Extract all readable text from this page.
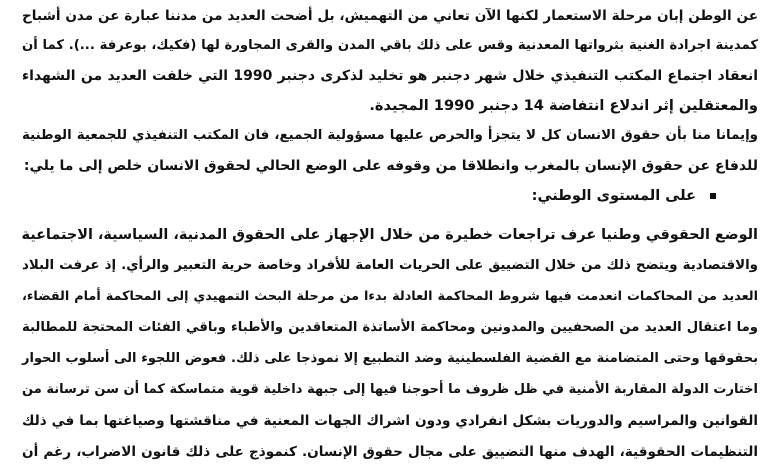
عن الوطن إبان مرحلة الاستعمار لكنها الآن تعاني من التهميش، بل أضحت العديد من مدننا عبارة عن مدن أشباح
كمدينة اجرادة الغنية بثرواتها المعدنية وقس على ذلك باقي المدن والقرى المجاورة لها (فكيك، بوعرفة ...). كما أن
انعقاد اجتماع المكتب التنفيذي خلال شهر دجنبر هو تخليد لذكرى دجنبر 1990 التي خلفت العديد من الشهداء
والمعتقلين إثر اندلاع انتفاضة 14 دجنبر 1990 المجيدة.
وإيمانا منا بأن حقوق الانسان كل لا يتجزأ والحرص عليها مسؤولية الجميع، فان المكتب التنفيذي للجمعية الوطنية
للدفاع عن حقوق الإنسان بالمغرب وانطلاقا من وقوفه على الوضع الحالي لحقوق الانسان خلص إلى ما يلي:
على المستوى الوطني:
الوضع الحقوقي وطنيا عرف تراجعات خطيرة من خلال الإجهاز على الحقوق المدنية، السياسية، الاجتماعية
والاقتصادية ويتضح ذلك من خلال التضييق على الحريات العامة للأفراد وخاصة حرية التعبير والرأي. إذ عرفت البلاد
العديد من المحاكمات انعدمت فيها شروط المحاكمة العادلة بدءا من مرحلة البحث التمهيدي إلى المحاكمة أمام القضاء،
وما اعتقال العديد من الصحفيين والمدونين ومحاكمة الأساتذة المتعاقدين والأطباء وباقي الفئات المحتجة للمطالبة
بحقوقها وحتى المتضامنة مع القضية الفلسطينية وضد التطبيع إلا نموذجا على ذلك. فعوض اللجوء الى أسلوب الحوار
اختارت الدولة المقاربة الأمنية في ظل ظروف ما أحوجنا فيها إلى جبهة داخلية قوية متماسكة كما أن سن ترسانة من
القوانين والمراسيم والدوريات بشكل انفرادي ودون اشراك الجهات المعنية في مناقشتها وصياغتها بما في ذلك
التنظيمات الحقوقية، الهدف منها التضييق على مجال حقوق الإنسان. كنموذج على ذلك قانون الاضراب، رغم أن
